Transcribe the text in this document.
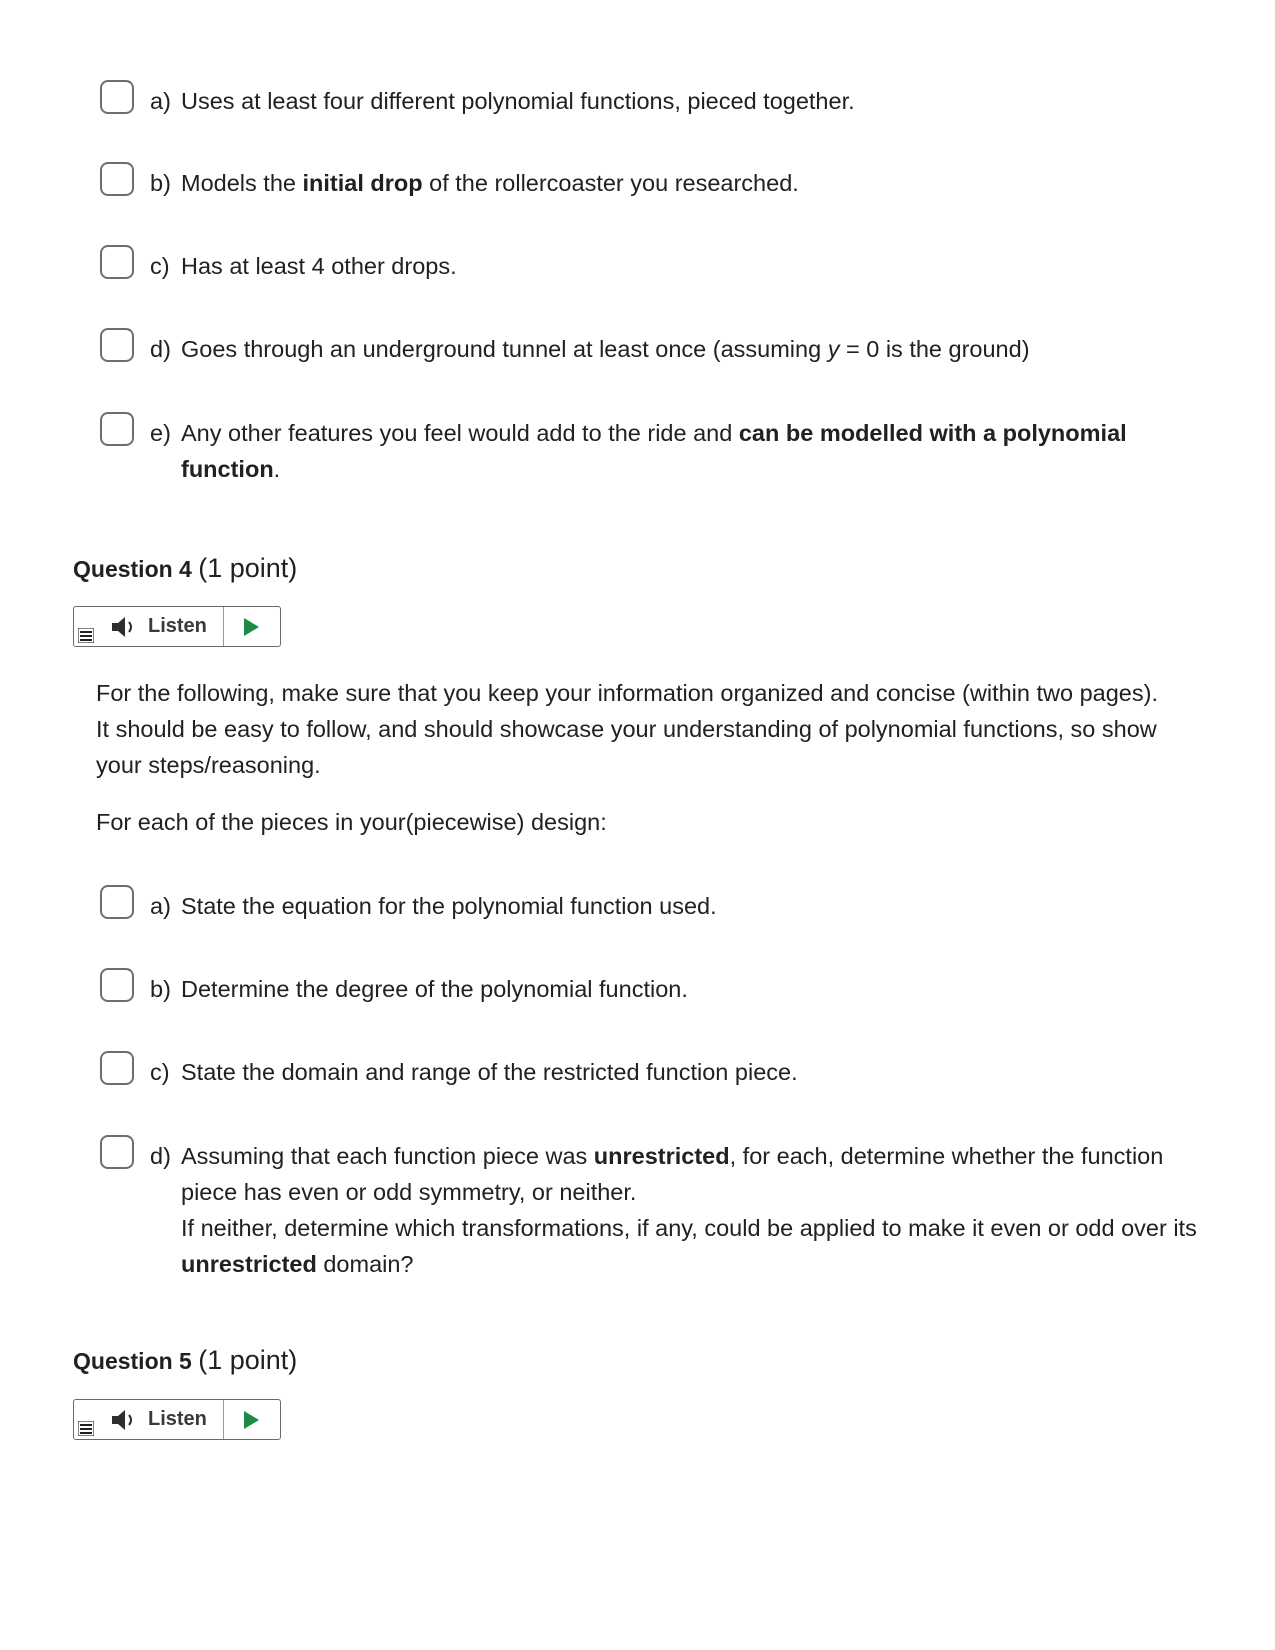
a) Uses at least four different polynomial functions, pieced together.
b) Models the initial drop of the rollercoaster you researched.
c) Has at least 4 other drops.
d) Goes through an underground tunnel at least once (assuming y = 0 is the ground)
e) Any other features you feel would add to the ride and can be modelled with a polynomial function.
Question 4 (1 point)
Listen
For the following, make sure that you keep your information organized and concise (within two pages). It should be easy to follow, and should showcase your understanding of polynomial functions, so show your steps/reasoning.
For each of the pieces in your(piecewise) design:
a) State the equation for the polynomial function used.
b) Determine the degree of the polynomial function.
c) State the domain and range of the restricted function piece.
d) Assuming that each function piece was unrestricted, for each, determine whether the function piece has even or odd symmetry, or neither.
If neither, determine which transformations, if any, could be applied to make it even or odd over its unrestricted domain?
Question 5 (1 point)
Listen
